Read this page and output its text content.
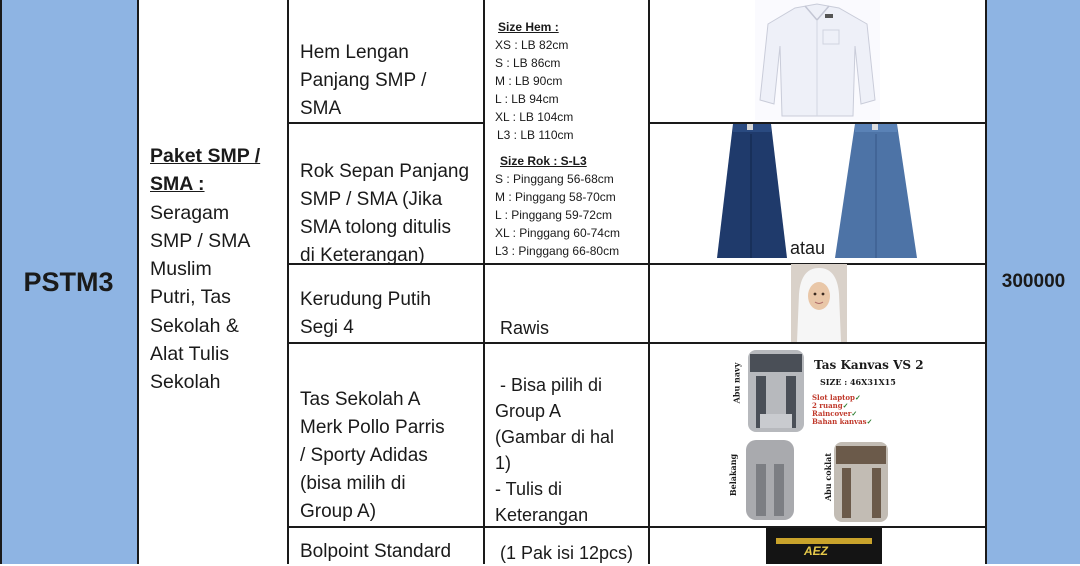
PSTM3	300000
Paket SMP /
SMA :
Seragam
SMP / SMA
Muslim
Putri, Tas
Sekolah &
Alat Tulis
Sekolah
Hem Lengan
Panjang SMP /
SMA
Rok Sepan Panjang
SMP / SMA (Jika
SMA tolong ditulis
di Keterangan)
Kerudung Putih
Segi 4
Tas Sekolah A
Merk Pollo Parris
/ Sporty Adidas
(bisa milih di
Group A)
Bolpoint Standard
Size Hem :
XS : LB 82cm
S : LB 86cm
M : LB 90cm
L : LB 94cm
XL : LB 104cm
L3 : LB 110cm
Size Rok : S-L3
S : Pinggang 56-68cm
M : Pinggang 58-70cm
L : Pinggang 59-72cm
XL : Pinggang 60-74cm
L3 : Pinggang 66-80cm
Rawis
- Bisa pilih di
Group A
(Gambar di hal
1)
- Tulis di
Keterangan
(1 Pak isi 12pcs)
atau
Tas Kanvas VS 2
SIZE : 46X31X15
Slot laptop✓
2 ruang✓
Raincover✓
Bahan kanvas✓
Abu navy
Belakang	Abu coklat
AEZ
